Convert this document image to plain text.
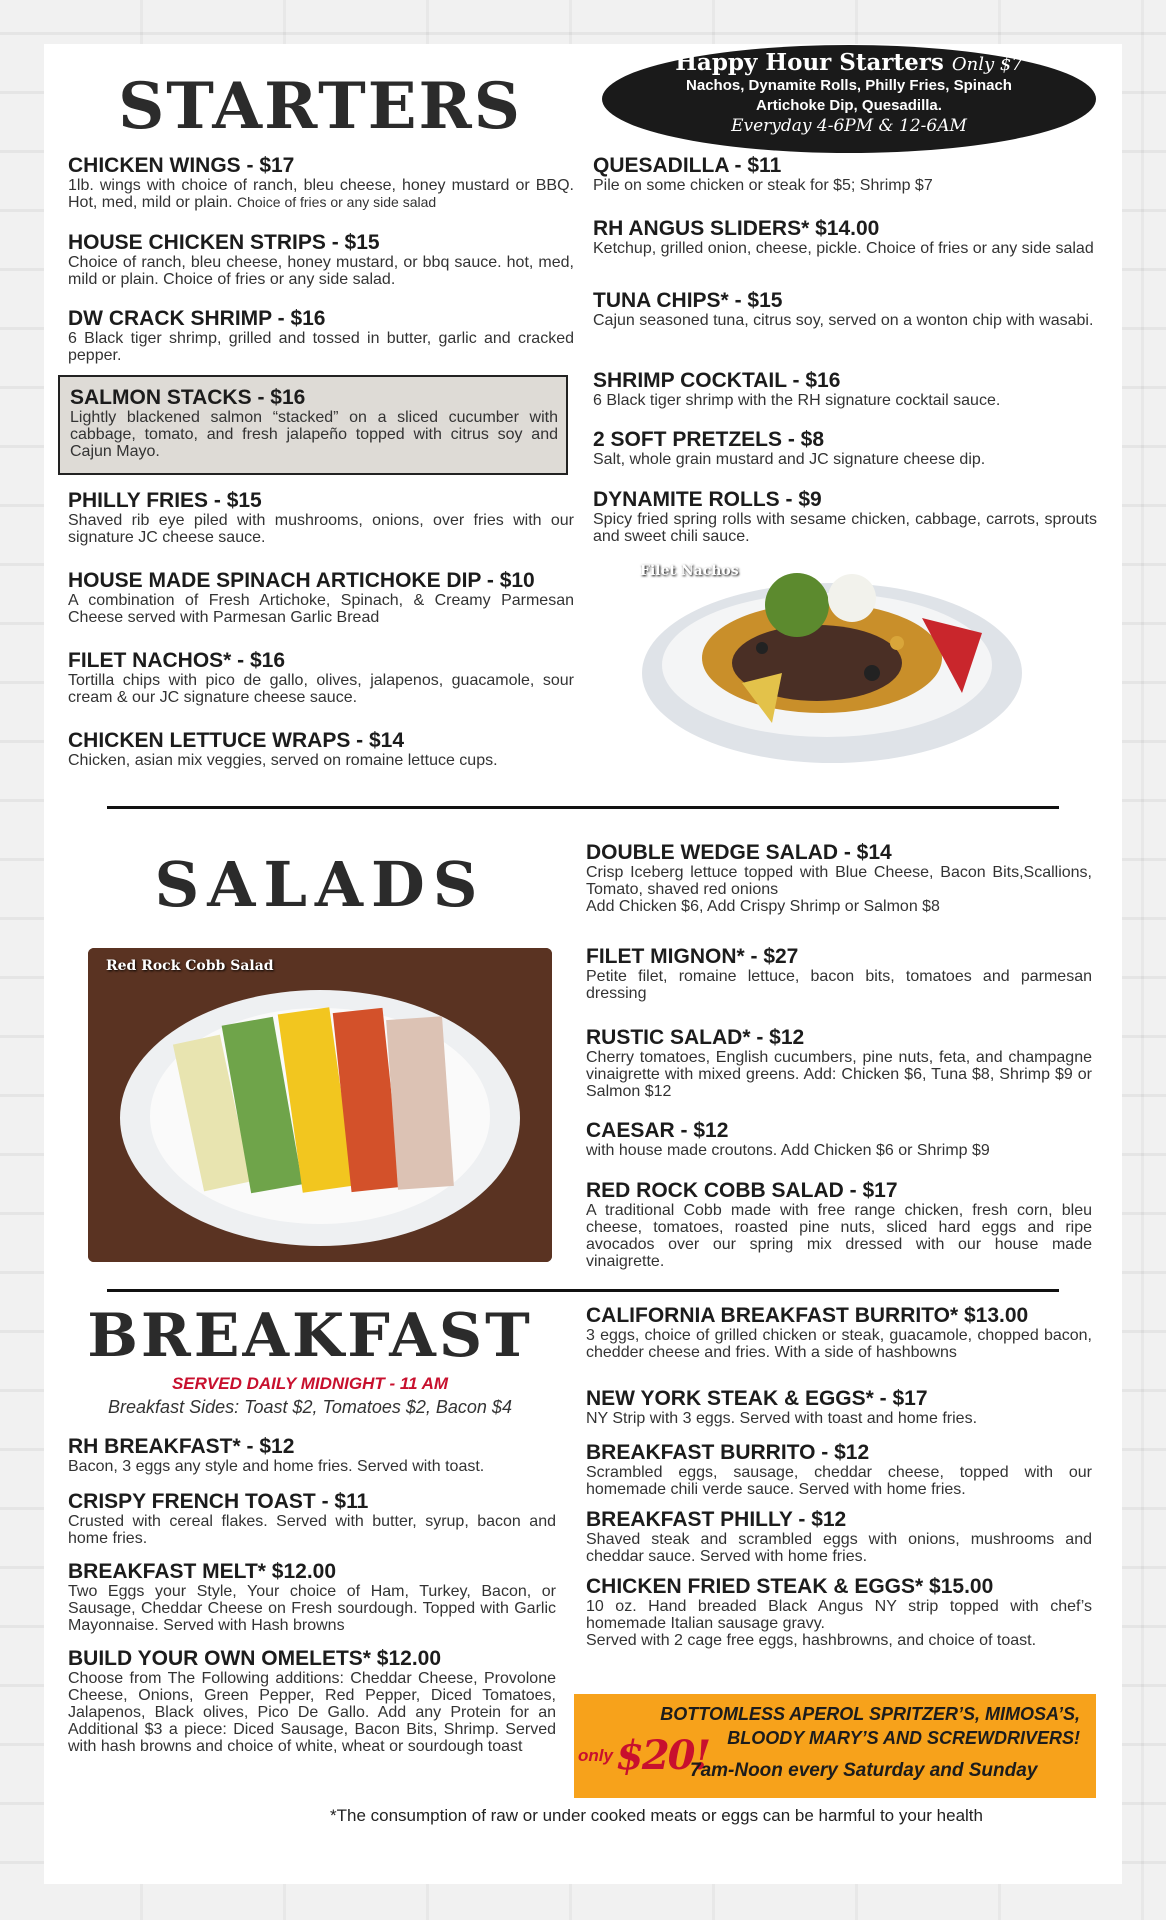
Happy Hour Starters Only $7
Nachos, Dynamite Rolls, Philly Fries, Spinach
Artichoke Dip, Quesadilla.
Everyday 4-6PM & 12-6AM
STARTERS

CHICKEN WINGS - $17

1lb. wings with choice of ranch, bleu cheese, honey mustard or BBQ. Hot, med, mild or plain. Choice of fries or any side salad

HOUSE CHICKEN STRIPS - $15

Choice of ranch, bleu cheese, honey mustard, or bbq sauce. hot, med, mild or plain. Choice of fries or any side salad.

DW CRACK SHRIMP - $16

6 Black tiger shrimp, grilled and tossed in butter, garlic and cracked pepper.

SALMON STACKS - $16

Lightly blackened salmon “stacked” on a sliced cucumber with cabbage, tomato, and fresh jalapeño topped with citrus soy and Cajun Mayo.

PHILLY FRIES - $15

Shaved rib eye piled with mushrooms, onions, over fries with our signature JC cheese sauce.

HOUSE MADE SPINACH ARTICHOKE DIP - $10

A combination of Fresh Artichoke, Spinach, & Creamy Parmesan Cheese served with Parmesan Garlic Bread

FILET NACHOS* - $16

Tortilla chips with pico de gallo, olives, jalapenos, guacamole, sour cream & our JC signature cheese sauce.

CHICKEN LETTUCE WRAPS - $14

Chicken, asian mix veggies, served on romaine lettuce cups.

QUESADILLA - $11

Pile on some chicken or steak for $5; Shrimp $7

RH ANGUS SLIDERS* $14.00

Ketchup, grilled onion, cheese, pickle. Choice of fries or any side salad

TUNA CHIPS* - $15

Cajun seasoned tuna, citrus soy, served on a wonton chip with wasabi.

SHRIMP COCKTAIL - $16

6 Black tiger shrimp with the RH signature cocktail sauce.

2 SOFT PRETZELS - $8

Salt, whole grain mustard and JC signature cheese dip.

DYNAMITE ROLLS - $9

Spicy fried spring rolls with sesame chicken, cabbage, carrots, sprouts and sweet chili sauce.

Filet Nachos
SALADS
Red Rock Cobb Salad

DOUBLE WEDGE SALAD - $14

Crisp Iceberg lettuce topped with Blue Cheese, Bacon Bits,Scallions, Tomato, shaved red onions

Add Chicken $6, Add Crispy Shrimp or Salmon $8

FILET MIGNON* - $27

Petite filet, romaine lettuce, bacon bits, tomatoes and parmesan dressing

RUSTIC SALAD* - $12

Cherry tomatoes, English cucumbers, pine nuts, feta, and champagne vinaigrette with mixed greens. Add: Chicken $6, Tuna $8, Shrimp $9 or Salmon $12

CAESAR - $12

with house made croutons. Add Chicken $6 or Shrimp $9

RED ROCK COBB SALAD - $17

A traditional Cobb made with free range chicken, fresh corn, bleu cheese, tomatoes, roasted pine nuts, sliced hard eggs and ripe avocados over our spring mix dressed with our house made vinaigrette.

BREAKFAST
SERVED DAILY MIDNIGHT - 11 AM
Breakfast Sides: Toast $2, Tomatoes $2, Bacon $4

RH BREAKFAST* - $12

Bacon, 3 eggs any style and home fries. Served with toast.

CRISPY FRENCH TOAST - $11

Crusted with cereal flakes. Served with butter, syrup, bacon and home fries.

BREAKFAST MELT* $12.00

Two Eggs your Style, Your choice of Ham, Turkey, Bacon, or Sausage, Cheddar Cheese on Fresh sourdough. Topped with Garlic Mayonnaise. Served with Hash browns

BUILD YOUR OWN OMELETS* $12.00

Choose from The Following additions: Cheddar Cheese, Provolone Cheese, Onions, Green Pepper, Red Pepper, Diced Tomatoes, Jalapenos, Black olives, Pico De Gallo. Add any Protein for an Additional $3 a piece: Diced Sausage, Bacon Bits, Shrimp. Served with hash browns and choice of white, wheat or sourdough toast

CALIFORNIA BREAKFAST BURRITO* $13.00

3 eggs, choice of grilled chicken or steak, guacamole, chopped bacon, chedder cheese and fries. With a side of hashbowns

NEW YORK STEAK & EGGS* - $17

NY Strip with 3 eggs. Served with toast and home fries.

BREAKFAST BURRITO - $12

Scrambled eggs, sausage, cheddar cheese, topped with our homemade chili verde sauce. Served with home fries.

BREAKFAST PHILLY - $12

Shaved steak and scrambled eggs with onions, mushrooms and cheddar sauce. Served with home fries.

CHICKEN FRIED STEAK & EGGS* $15.00

10 oz. Hand breaded Black Angus NY strip topped with chef’s homemade Italian sausage gravy.

Served with 2 cage free eggs, hashbrowns, and choice of toast.

BOTTOMLESS APEROL SPRITZER’S, MIMOSA’S,
BLOODY MARY’S AND SCREWDRIVERS!
only $20!
7am-Noon every Saturday and Sunday
*The consumption of raw or under cooked meats or eggs can be harmful to your health
